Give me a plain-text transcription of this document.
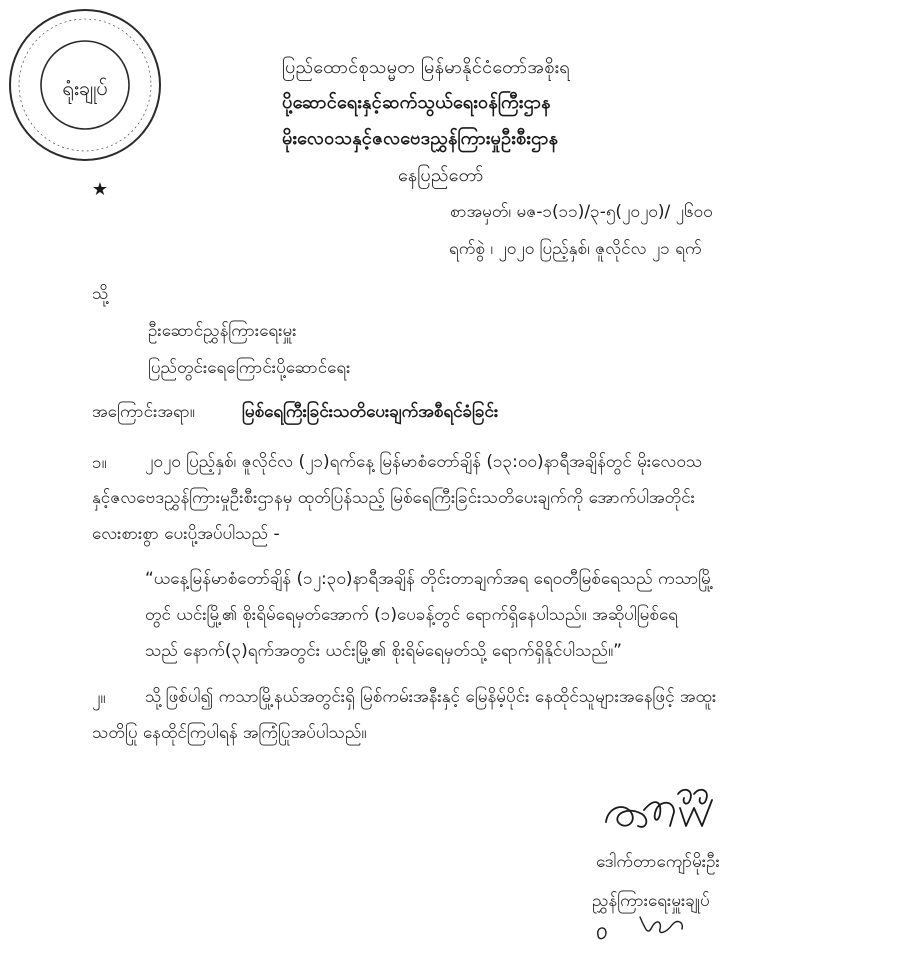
ရုံးချုပ်
★
ပြည်ထောင်စုသမ္မတ မြန်မာနိုင်ငံတော်အစိုးရ
ပို့ဆောင်ရေးနှင့်ဆက်သွယ်ရေးဝန်ကြီးဌာန
မိုးလေဝသနှင့်ဇလဗေဒညွှန်ကြားမှုဦးစီးဌာန
နေပြည်တော်
စာအမှတ်၊ မဇ-၁(၁၁)/၃-၅(၂၀၂၀)/ ၂၆၀၀
ရက်စွဲ ၊ ၂၀၂၀ ပြည့်နှစ်၊ ဇူလိုင်လ ၂၁ ရက်
သို့
ဦးဆောင်ညွှန်ကြားရေးမှူး
ပြည်တွင်းရေကြောင်းပို့ဆောင်ရေး
အကြောင်းအရာ။	မြစ်ရေကြီးခြင်းသတိပေးချက်အစီရင်ခံခြင်း
၁။ ၂၀၂၀ ပြည့်နှစ်၊ ဇူလိုင်လ (၂၁)ရက်နေ့ မြန်မာစံတော်ချိန် (၁၃:၀၀)နာရီအချိန်တွင် မိုးလေဝသ
နှင့်ဇလဗေဒညွှန်ကြားမှုဦးစီးဌာနမှ ထုတ်ပြန်သည့် မြစ်ရေကြီးခြင်းသတိပေးချက်ကို အောက်ပါအတိုင်း
လေးစားစွာ ပေးပို့အပ်ပါသည် -
“ယနေ့မြန်မာစံတော်ချိန် (၁၂:၃၀)နာရီအချိန် တိုင်းတာချက်အရ ရေဝတီမြစ်ရေသည် ကသာမြို့
တွင် ယင်းမြို့၏ စိုးရိမ်ရေမှတ်အောက် (၁)ပေခန့်တွင် ရောက်ရှိနေပါသည်။ အဆိုပါမြစ်ရေ
သည် နောက်(၃)ရက်အတွင်း ယင်းမြို့၏ စိုးရိမ်ရေမှတ်သို့ ရောက်ရှိနိုင်ပါသည်။”
၂။ သို့ဖြစ်ပါ၍ ကသာမြို့နယ်အတွင်းရှိ မြစ်ကမ်းအနီးနှင့် မြေနိမ့်ပိုင်း နေထိုင်သူများအနေဖြင့် အထူး
သတိပြု နေထိုင်ကြပါရန် အကြံပြုအပ်ပါသည်။
ဒေါက်တာကျော်မိုးဦး
ညွှန်ကြားရေးမှူးချုပ်
